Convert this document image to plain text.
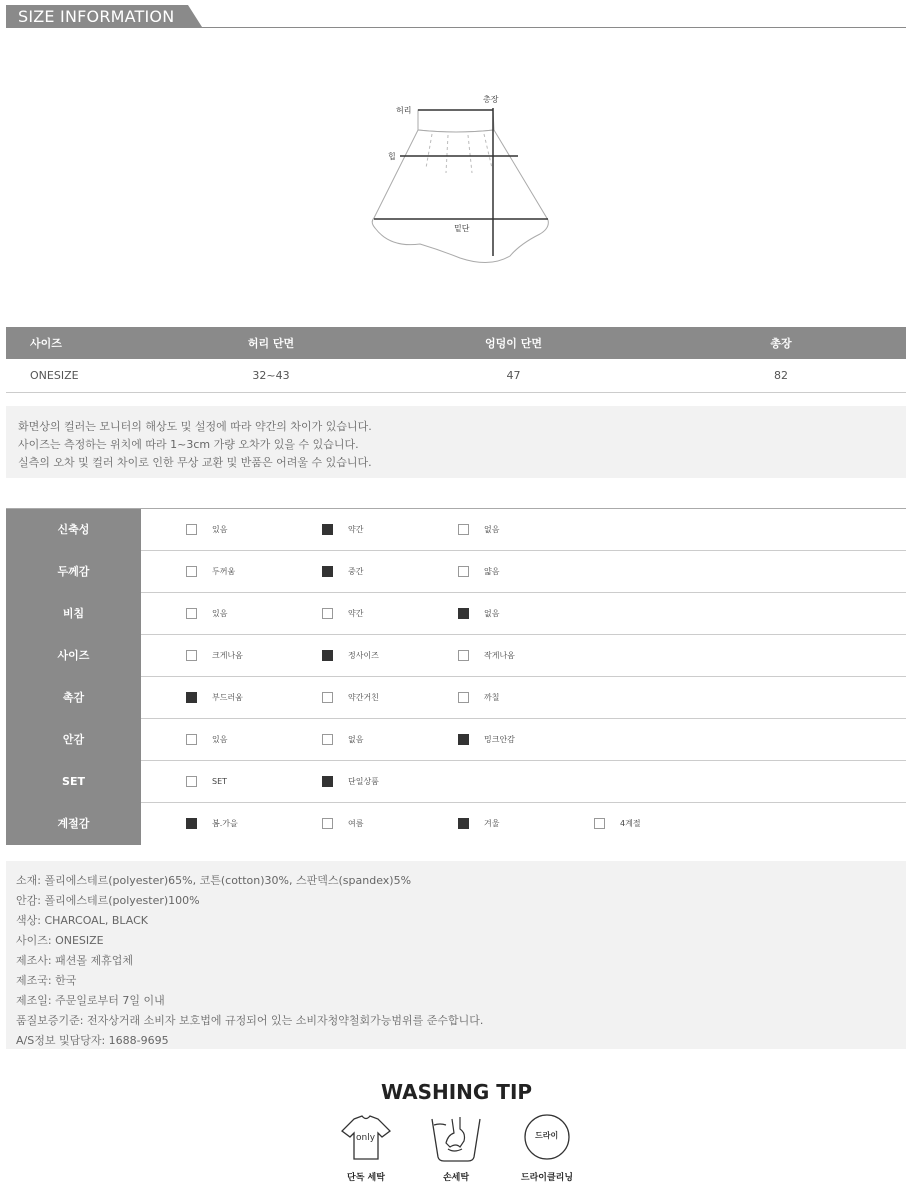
SIZE INFORMATION
허리
총장
힙
밑단
사이즈	허리 단면	엉덩이 단면	총장
ONESIZE	32~43	47	82
화면상의 컬러는 모니터의 해상도 및 설정에 따라 약간의 차이가 있습니다.
사이즈는 측정하는 위치에 따라 1~3cm 가량 오차가 있을 수 있습니다.
실측의 오차 및 컬러 차이로 인한 무상 교환 및 반품은 어려울 수 있습니다.
신축성	있음	약간	없음
두께감	두꺼움	중간	얇음
비침	있음	약간	없음
사이즈	크게나옴	정사이즈	작게나옴
촉감	부드러움	약간거친	까칠
안감	있음	없음	밍크안감
SET	SET	단일상품
계절감	봄.가을	여름	겨울	4계절
소재: 폴리에스테르(polyester)65%, 코튼(cotton)30%, 스판덱스(spandex)5%
안감: 폴리에스테르(polyester)100%
색상: CHARCOAL, BLACK
사이즈: ONESIZE
제조사: 패션몰 제휴업체
제조국: 한국
제조일: 주문일로부터 7일 이내
품질보증기준: 전자상거래 소비자 보호법에 규정되어 있는 소비자청약철회가능범위를 준수합니다.
A/S정보 및담당자: 1688-9695
WASHING TIP
only
단독 세탁	손세탁
드라이
드라이클리닝
